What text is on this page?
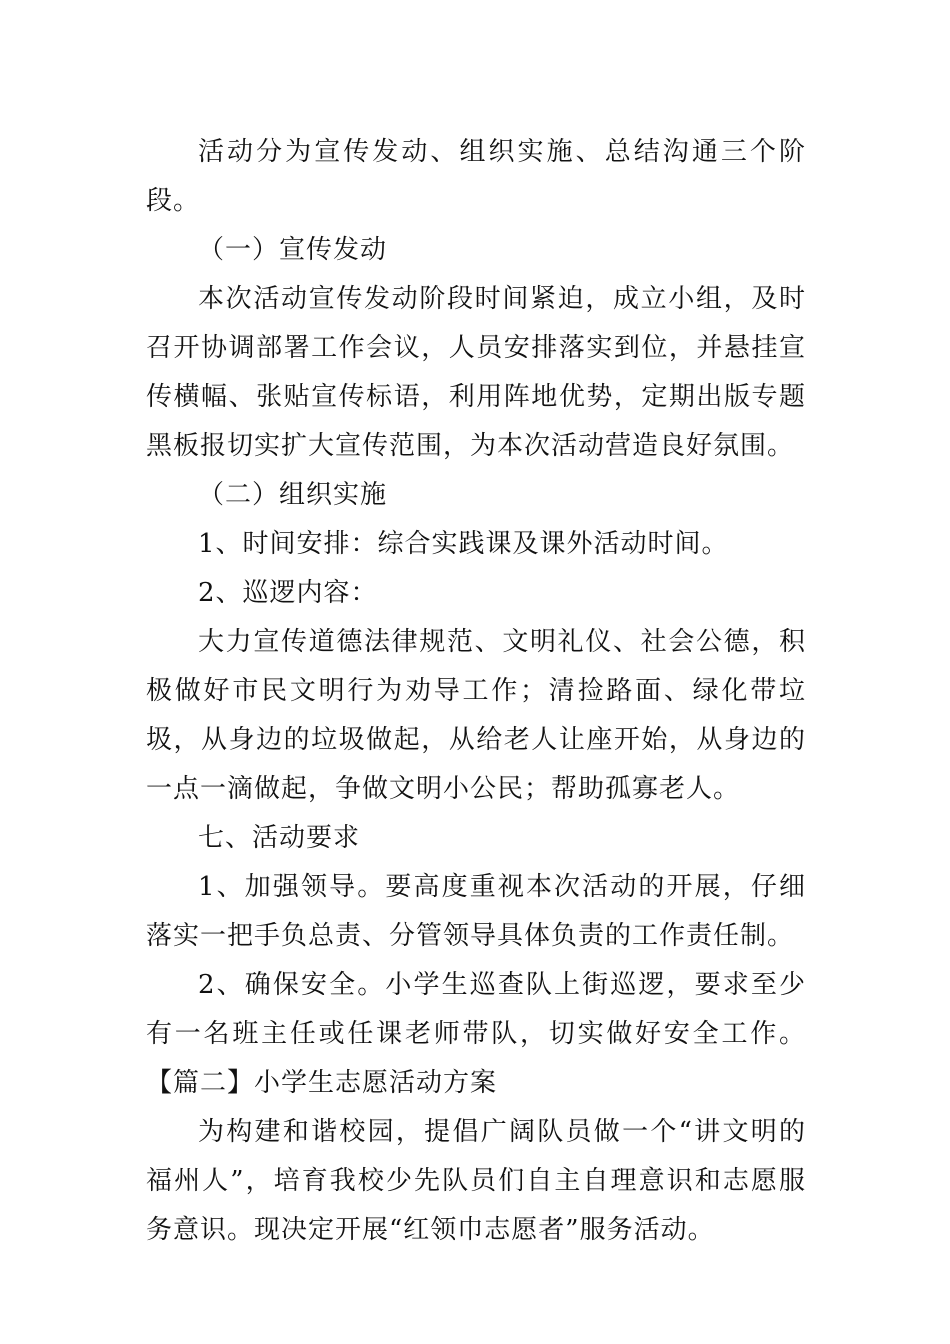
活动分为宣传发动、组织实施、总结沟通三个阶段。

（一）宣传发动

本次活动宣传发动阶段时间紧迫，成立小组，及时召开协调部署工作会议，人员安排落实到位，并悬挂宣传横幅、张贴宣传标语，利用阵地优势，定期出版专题黑板报切实扩大宣传范围，为本次活动营造良好氛围。

（二）组织实施

1、时间安排：综合实践课及课外活动时间。

2、巡逻内容：

大力宣传道德法律规范、文明礼仪、社会公德，积极做好市民文明行为劝导工作；清捡路面、绿化带垃圾，从身边的垃圾做起，从给老人让座开始，从身边的一点一滴做起，争做文明小公民；帮助孤寡老人。

七、活动要求

1、加强领导。要高度重视本次活动的开展，仔细落实一把手负总责、分管领导具体负责的工作责任制。

2、确保安全。小学生巡查队上街巡逻，要求至少有一名班主任或任课老师带队，切实做好安全工作。【篇二】小学生志愿活动方案

为构建和谐校园，提倡广阔队员做一个“讲文明的福州人”，培育我校少先队员们自主自理意识和志愿服务意识。现决定开展“红领巾志愿者”服务活动。
